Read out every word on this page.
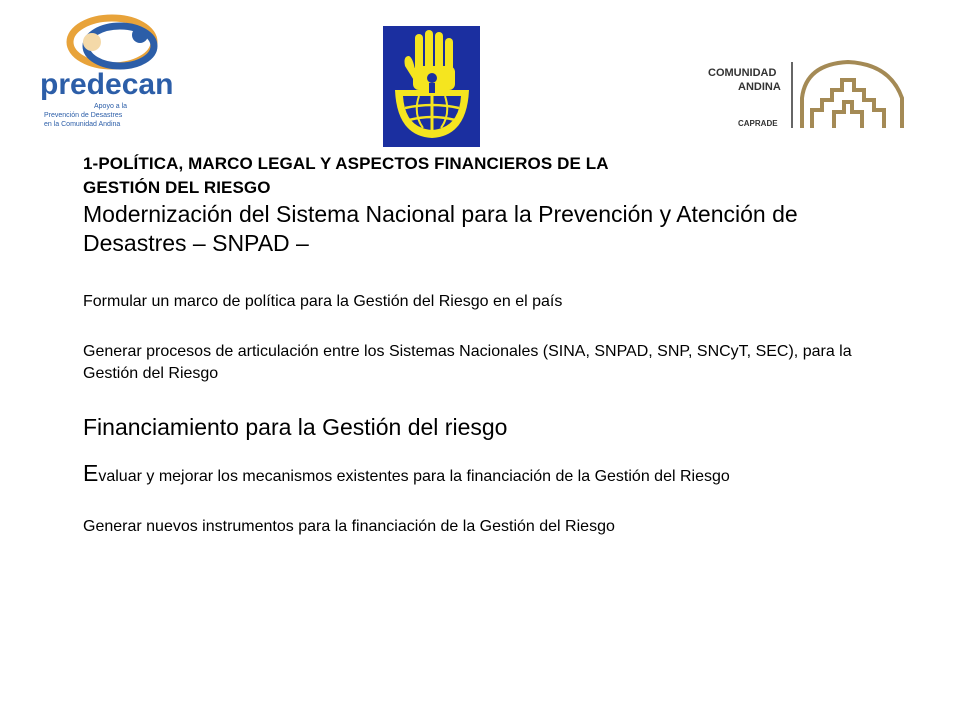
predecan
Apoyo a la
Prevención de Desastres
en la Comunidad Andina
COMUNIDAD
ANDINA
CAPRADE

1-POLÍTICA, MARCO LEGAL Y ASPECTOS FINANCIEROS DE LA
GESTIÓN DEL RIESGO

Modernización del Sistema Nacional para la Prevención y Atención de Desastres – SNPAD –

Formular un marco de política para la Gestión del Riesgo en el país

Generar procesos de articulación entre los Sistemas Nacionales (SINA, SNPAD, SNP, SNCyT, SEC), para la Gestión del Riesgo

Financiamiento para la Gestión del riesgo

Evaluar y mejorar los mecanismos existentes para la financiación de la Gestión del Riesgo

Generar nuevos instrumentos para la financiación de la Gestión del Riesgo
